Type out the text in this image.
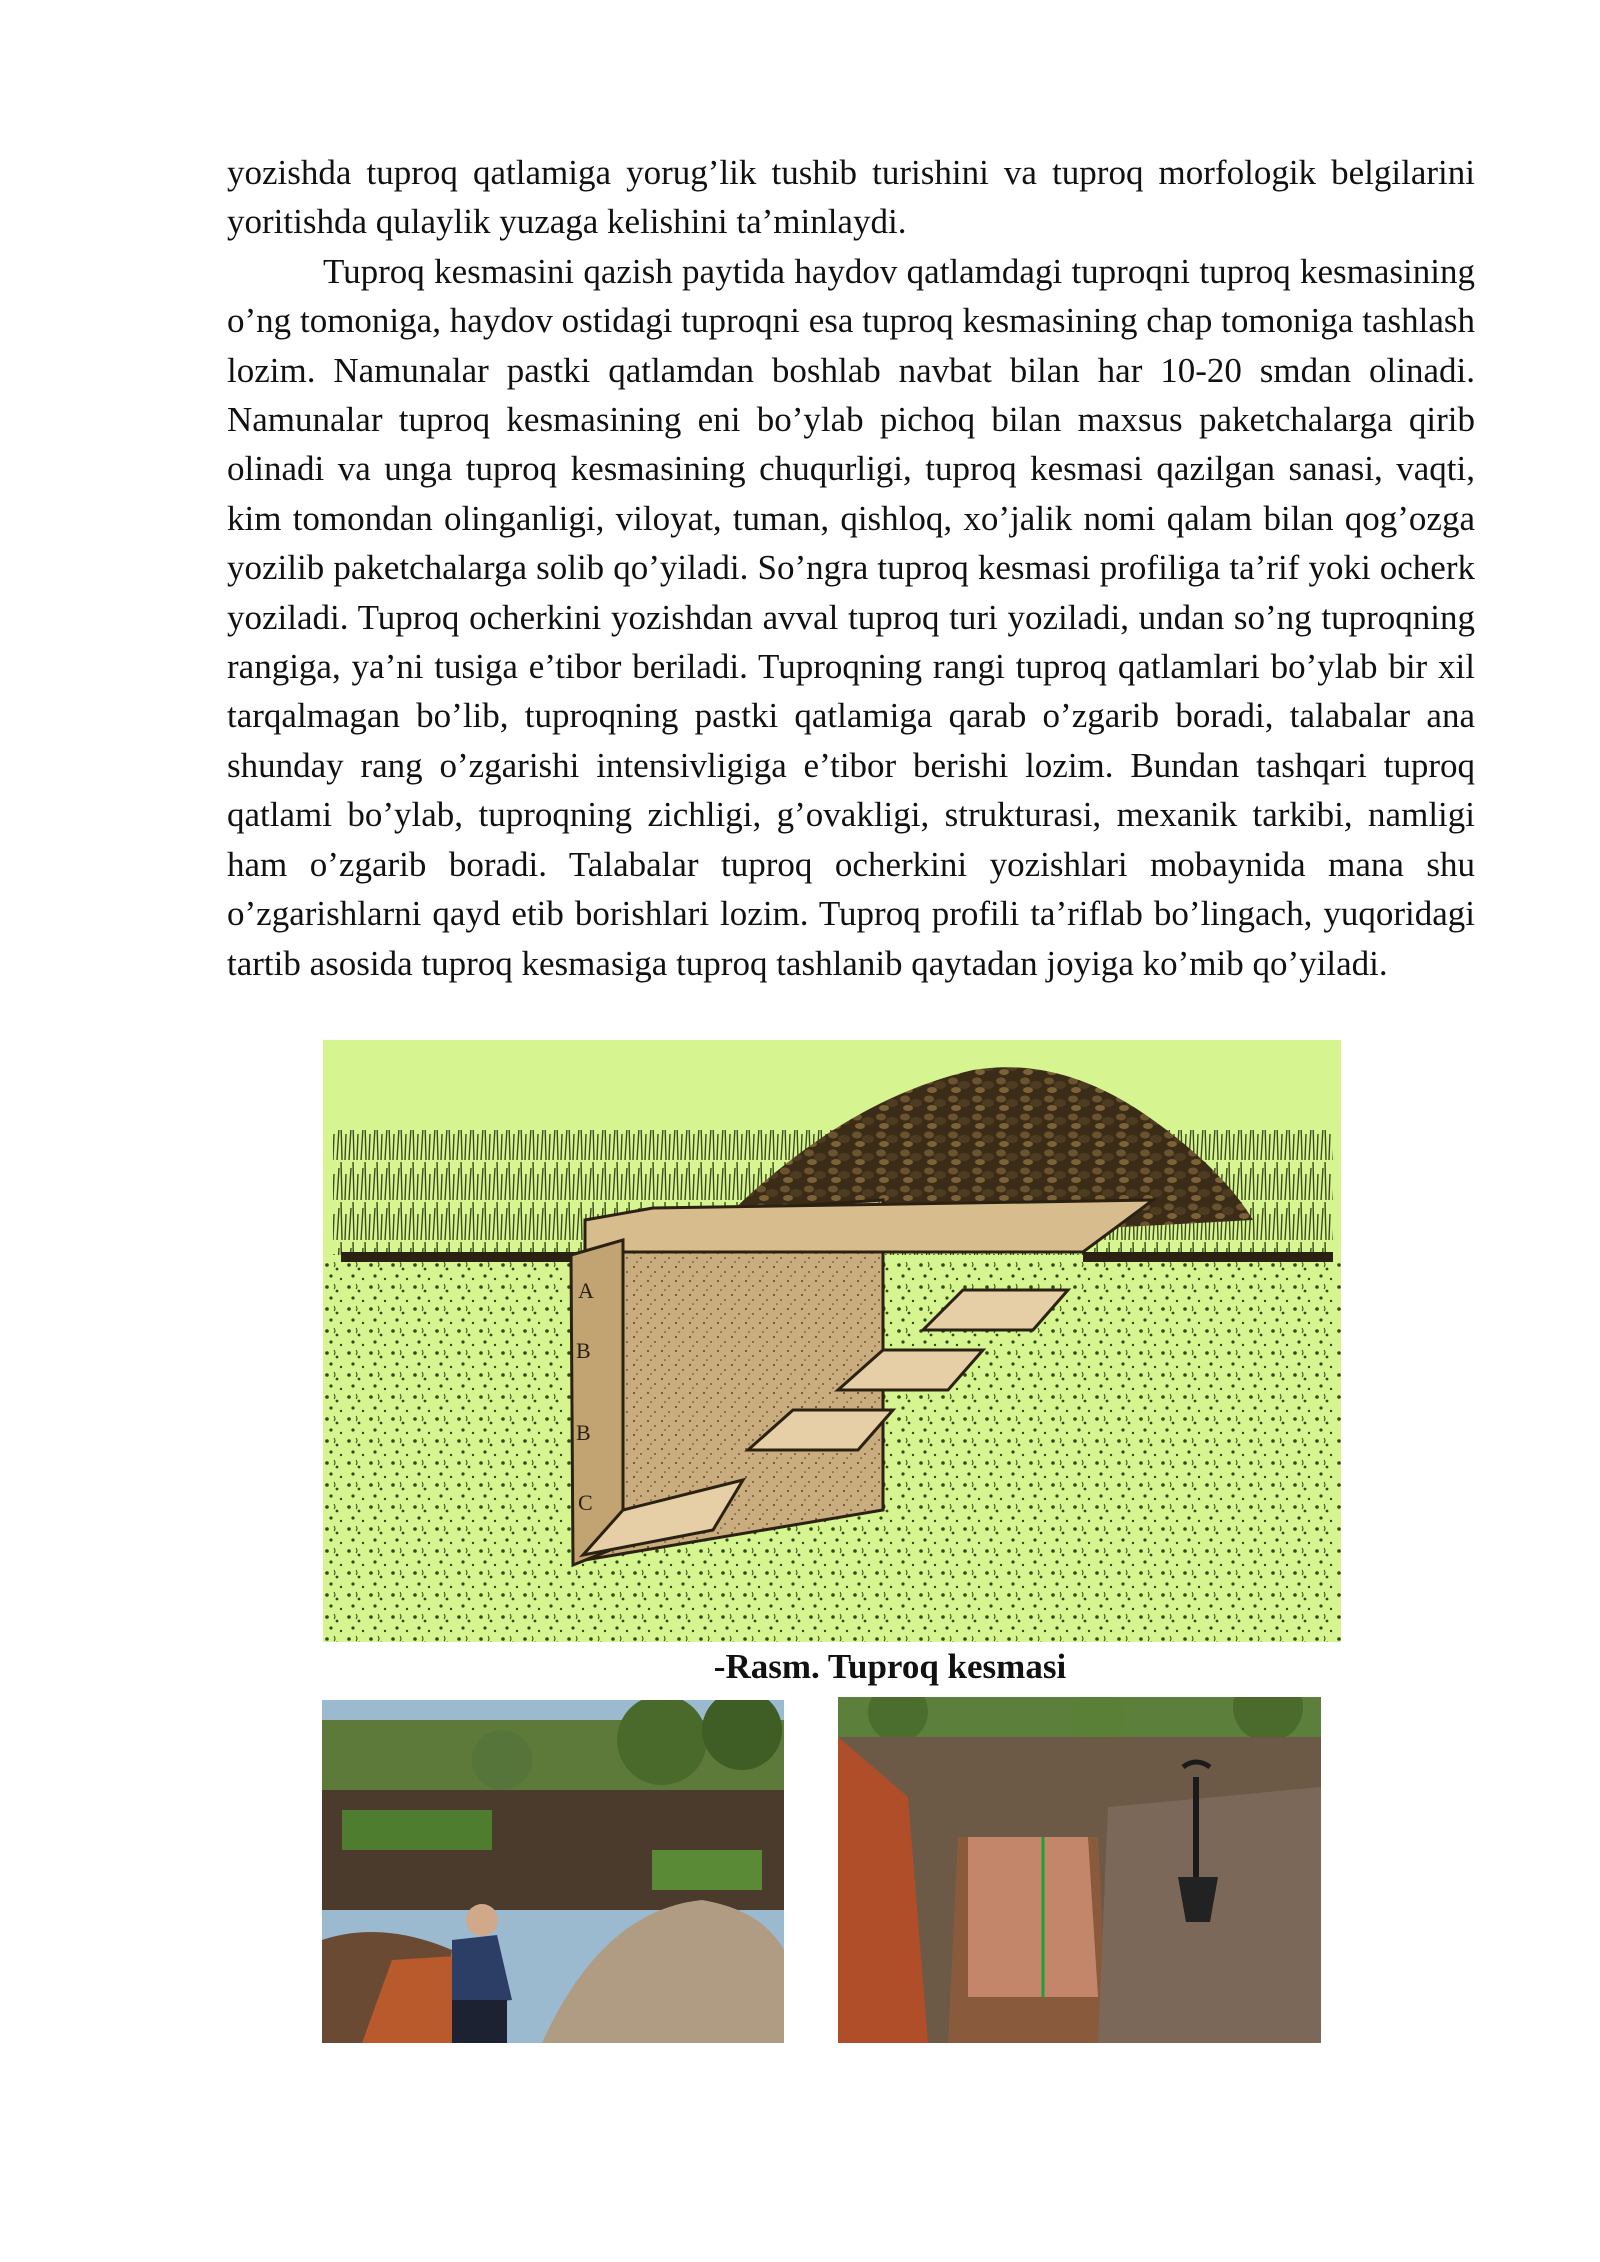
yozishda tuproq qatlamiga yorug’lik tushib turishini va tuproq morfologik belgilarini yoritishda qulaylik yuzaga kelishini ta’minlaydi.

Tuproq kesmasini qazish paytida haydov qatlamdagi tuproqni tuproq kesmasining o’ng tomoniga, haydov ostidagi tuproqni esa tuproq kesmasining chap tomoniga tashlash lozim. Namunalar pastki qatlamdan boshlab navbat bilan har 10-20 smdan olinadi. Namunalar tuproq kesmasining eni bo’ylab pichoq bilan maxsus paketchalarga qirib olinadi va unga tuproq kesmasining chuqurligi, tuproq kesmasi qazilgan sanasi, vaqti, kim tomondan olinganligi, viloyat, tuman, qishloq, xo’jalik nomi qalam bilan qog’ozga yozilib paketchalarga solib qo’yiladi. So’ngra tuproq kesmasi profiliga ta’rif yoki ocherk yoziladi. Tuproq ocherkini yozishdan avval tuproq turi yoziladi, undan so’ng tuproqning rangiga, ya’ni tusiga e’tibor beriladi. Tuproqning rangi tuproq qatlamlari bo’ylab bir xil tarqalmagan bo’lib, tuproqning pastki qatlamiga qarab o’zgarib boradi, talabalar ana shunday rang o’zgarishi intensivligiga e’tibor berishi lozim. Bundan tashqari tuproq qatlami bo’ylab, tuproqning zichligi, g’ovakligi, strukturasi, mexanik tarkibi, namligi ham o’zgarib boradi. Talabalar tuproq ocherkini yozishlari mobaynida mana shu o’zgarishlarni qayd etib borishlari lozim. Tuproq profili ta’riflab bo’lingach, yuqoridagi tartib asosida tuproq kesmasiga tuproq tashlanib qaytadan joyiga ko’mib qo’yiladi.

A
B
B
C
-Rasm. Tuproq kesmasi
